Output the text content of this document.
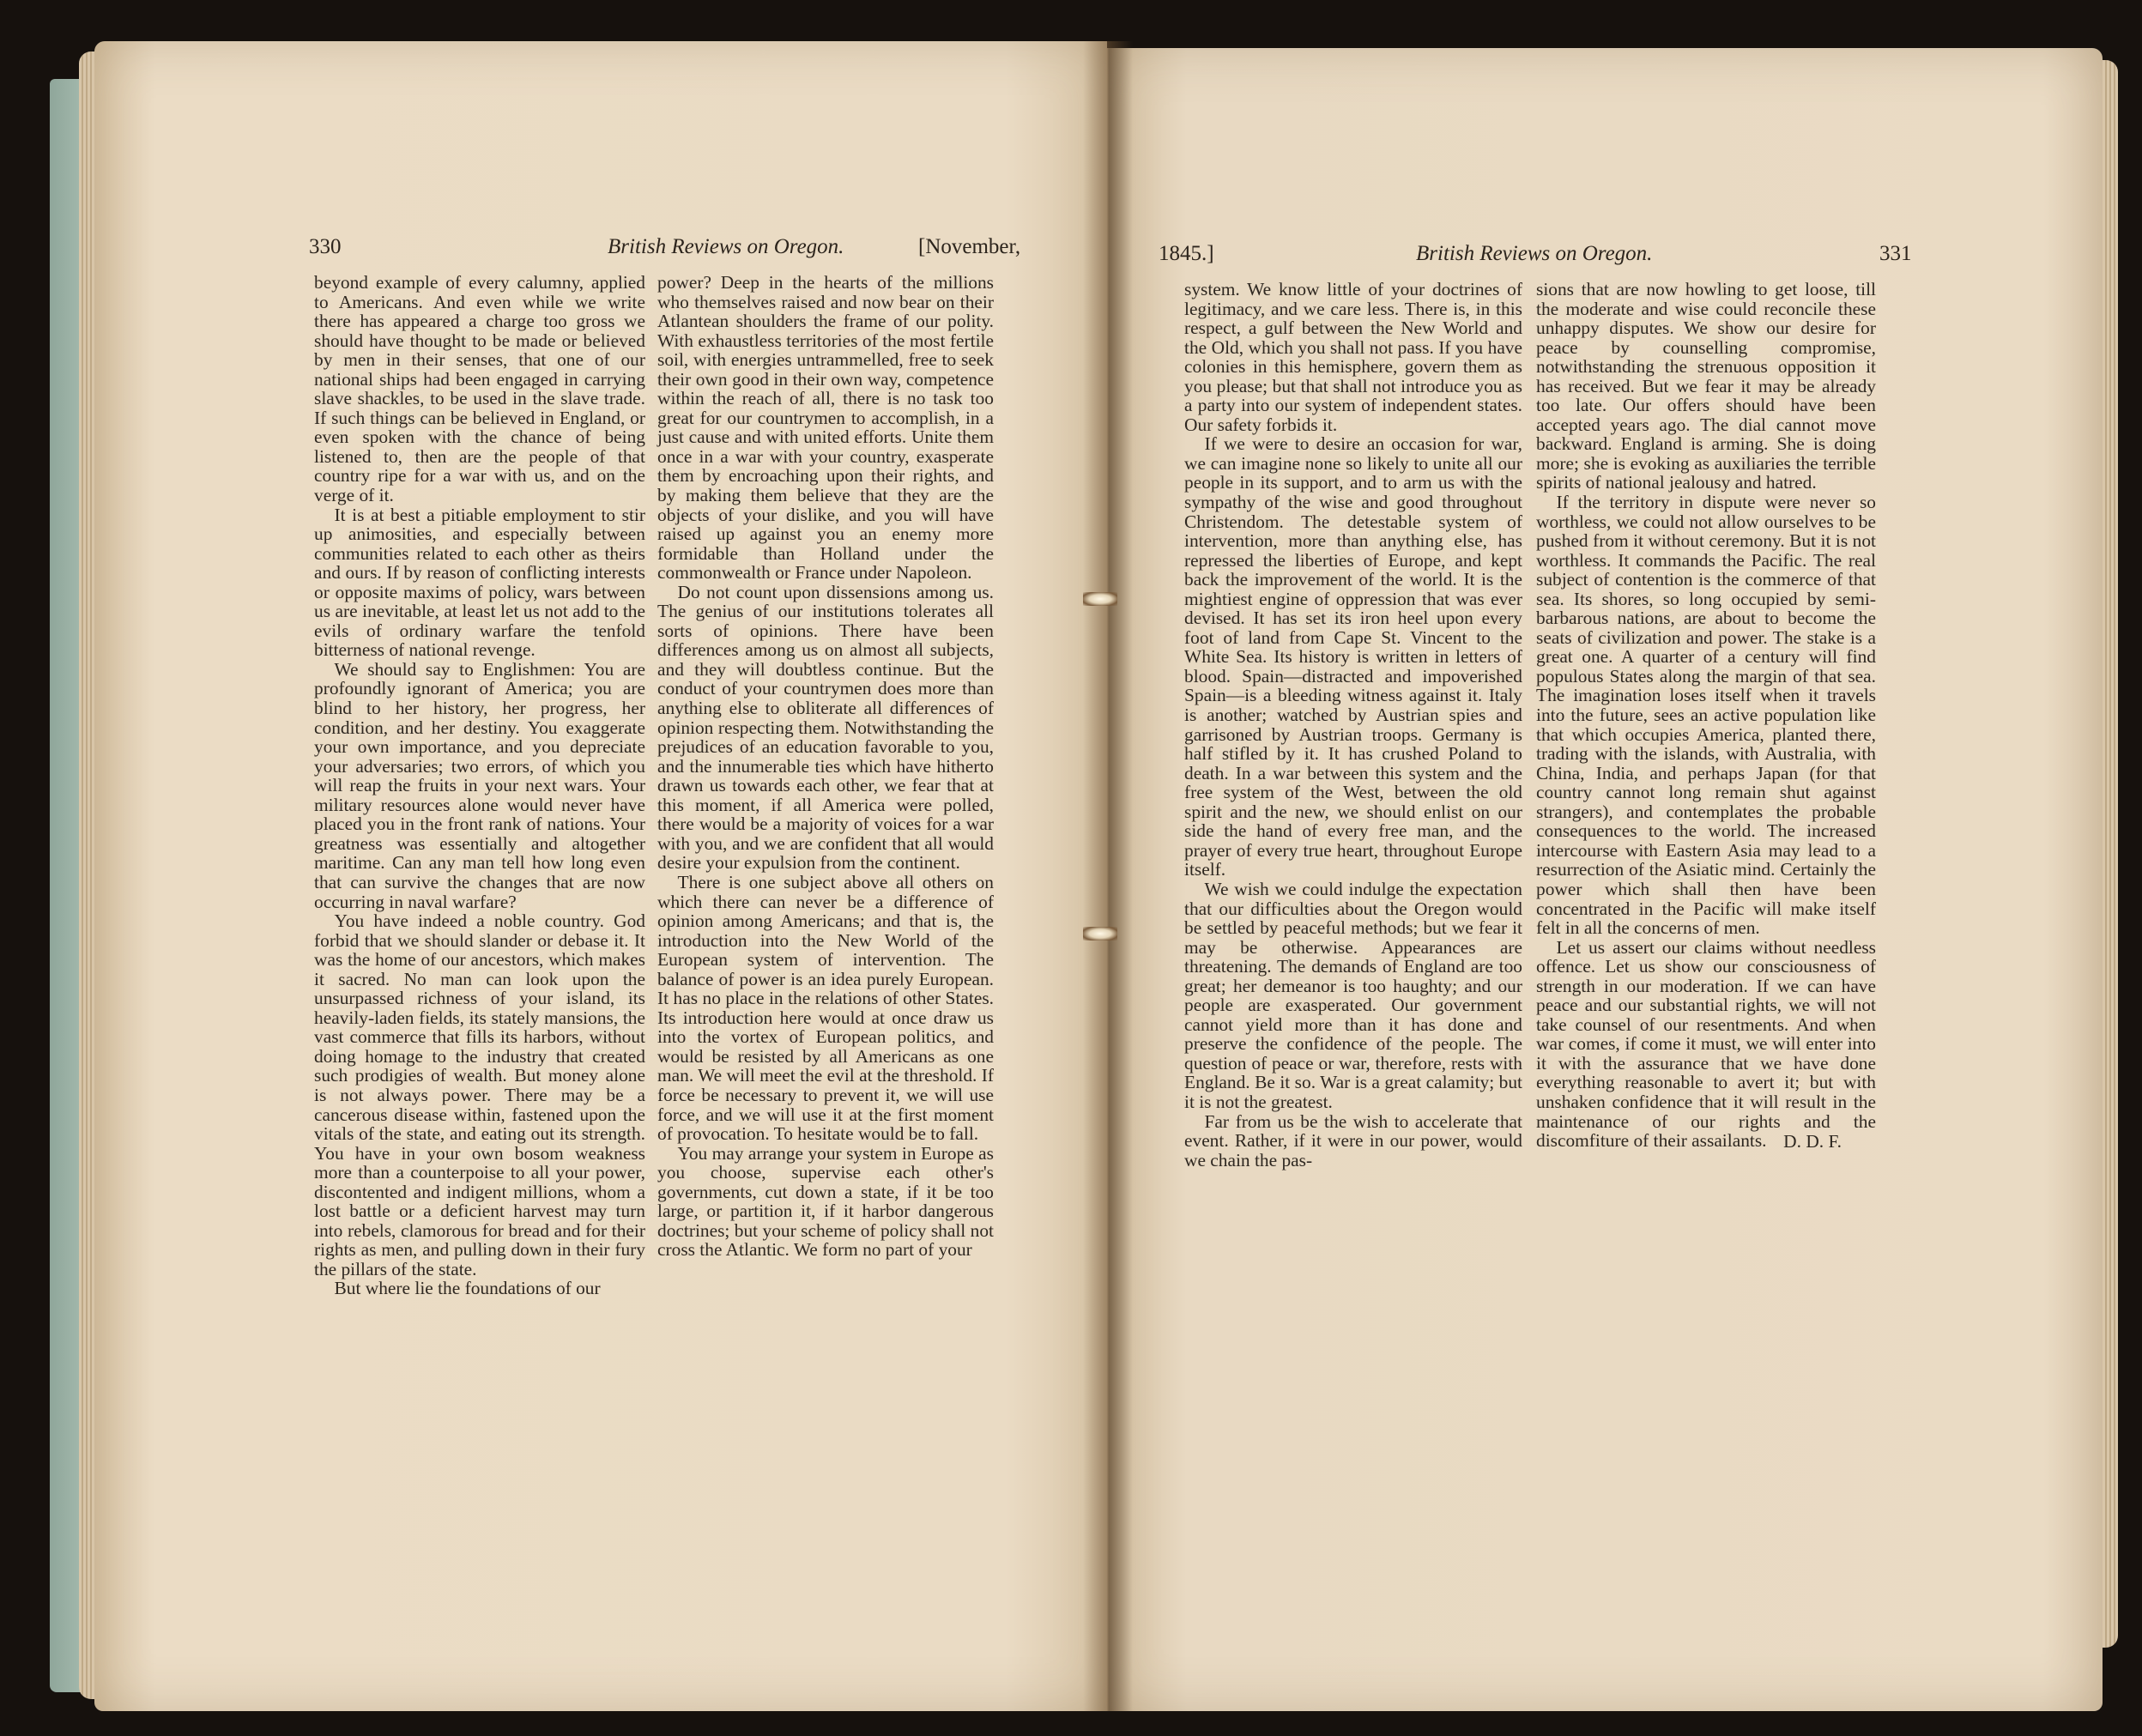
330	British Reviews on Oregon.	[November,

beyond example of every calumny, applied to Americans. And even while we write there has appeared a charge too gross we should have thought to be made or believed by men in their senses, that one of our national ships had been engaged in carrying slave shackles, to be used in the slave trade. If such things can be believed in England, or even spoken with the chance of being listened to, then are the people of that country ripe for a war with us, and on the verge of it.

It is at best a pitiable employment to stir up animosities, and especially between communities related to each other as theirs and ours. If by reason of conflicting interests or opposite maxims of policy, wars between us are inevitable, at least let us not add to the evils of ordinary warfare the tenfold bitterness of national revenge.

We should say to Englishmen: You are profoundly ignorant of America; you are blind to her history, her progress, her condition, and her destiny. You exaggerate your own importance, and you depreciate your adversaries; two errors, of which you will reap the fruits in your next wars. Your military resources alone would never have placed you in the front rank of nations. Your greatness was essentially and altogether maritime. Can any man tell how long even that can survive the changes that are now occurring in naval warfare?

You have indeed a noble country. God forbid that we should slander or debase it. It was the home of our ancestors, which makes it sacred. No man can look upon the unsurpassed richness of your island, its heavily-laden fields, its stately mansions, the vast commerce that fills its harbors, without doing homage to the industry that created such prodigies of wealth. But money alone is not always power. There may be a cancerous disease within, fastened upon the vitals of the state, and eating out its strength. You have in your own bosom weakness more than a counterpoise to all your power, discontented and indigent millions, whom a lost battle or a deficient harvest may turn into rebels, clamorous for bread and for their rights as men, and pulling down in their fury the pillars of the state.

But where lie the foundations of our

power? Deep in the hearts of the millions who themselves raised and now bear on their Atlantean shoulders the frame of our polity. With exhaustless territories of the most fertile soil, with energies untrammelled, free to seek their own good in their own way, competence within the reach of all, there is no task too great for our countrymen to accomplish, in a just cause and with united efforts. Unite them once in a war with your country, exasperate them by encroaching upon their rights, and by making them believe that they are the objects of your dislike, and you will have raised up against you an enemy more formidable than Holland under the commonwealth or France under Napoleon.

Do not count upon dissensions among us. The genius of our institutions tolerates all sorts of opinions. There have been differences among us on almost all subjects, and they will doubtless continue. But the conduct of your countrymen does more than anything else to obliterate all differences of opinion respecting them. Notwithstanding the prejudices of an education favorable to you, and the innumerable ties which have hitherto drawn us towards each other, we fear that at this moment, if all America were polled, there would be a majority of voices for a war with you, and we are confident that all would desire your expulsion from the continent.

There is one subject above all others on which there can never be a difference of opinion among Americans; and that is, the introduction into the New World of the European system of intervention. The balance of power is an idea purely European. It has no place in the relations of other States. Its introduction here would at once draw us into the vortex of European politics, and would be resisted by all Americans as one man. We will meet the evil at the threshold. If force be necessary to prevent it, we will use force, and we will use it at the first moment of provocation. To hesitate would be to fall.

You may arrange your system in Europe as you choose, supervise each other's governments, cut down a state, if it be too large, or partition it, if it harbor dangerous doctrines; but your scheme of policy shall not cross the Atlantic. We form no part of your

1845.]	British Reviews on Oregon.	331

system. We know little of your doctrines of legitimacy, and we care less. There is, in this respect, a gulf between the New World and the Old, which you shall not pass. If you have colonies in this hemisphere, govern them as you please; but that shall not introduce you as a party into our system of independent states. Our safety forbids it.

If we were to desire an occasion for war, we can imagine none so likely to unite all our people in its support, and to arm us with the sympathy of the wise and good throughout Christendom. The detestable system of intervention, more than anything else, has repressed the liberties of Europe, and kept back the improvement of the world. It is the mightiest engine of oppression that was ever devised. It has set its iron heel upon every foot of land from Cape St. Vincent to the White Sea. Its history is written in letters of blood. Spain—distracted and impoverished Spain—is a bleeding witness against it. Italy is another; watched by Austrian spies and garrisoned by Austrian troops. Germany is half stifled by it. It has crushed Poland to death. In a war between this system and the free system of the West, between the old spirit and the new, we should enlist on our side the hand of every free man, and the prayer of every true heart, throughout Europe itself.

We wish we could indulge the expectation that our difficulties about the Oregon would be settled by peaceful methods; but we fear it may be otherwise. Appearances are threatening. The demands of England are too great; her demeanor is too haughty; and our people are exasperated. Our government cannot yield more than it has done and preserve the confidence of the people. The question of peace or war, therefore, rests with England. Be it so. War is a great calamity; but it is not the greatest.

Far from us be the wish to accelerate that event. Rather, if it were in our power, would we chain the pas-

sions that are now howling to get loose, till the moderate and wise could reconcile these unhappy disputes. We show our desire for peace by counselling compromise, notwithstanding the strenuous opposition it has received. But we fear it may be already too late. Our offers should have been accepted years ago. The dial cannot move backward. England is arming. She is doing more; she is evoking as auxiliaries the terrible spirits of national jealousy and hatred.

If the territory in dispute were never so worthless, we could not allow ourselves to be pushed from it without ceremony. But it is not worthless. It commands the Pacific. The real subject of contention is the commerce of that sea. Its shores, so long occupied by semi-barbarous nations, are about to become the seats of civilization and power. The stake is a great one. A quarter of a century will find populous States along the margin of that sea. The imagination loses itself when it travels into the future, sees an active population like that which occupies America, planted there, trading with the islands, with Australia, with China, India, and perhaps Japan (for that country cannot long remain shut against strangers), and contemplates the probable consequences to the world. The increased intercourse with Eastern Asia may lead to a resurrection of the Asiatic mind. Certainly the power which shall then have been concentrated in the Pacific will make itself felt in all the concerns of men.

Let us assert our claims without needless offence. Let us show our consciousness of strength in our moderation. If we can have peace and our substantial rights, we will not take counsel of our resentments. And when war comes, if come it must, we will enter into it with the assurance that we have done everything reasonable to avert it; but with unshaken confidence that it will result in the maintenance of our rights and the discomfiture of their assailants. D. D. F.
